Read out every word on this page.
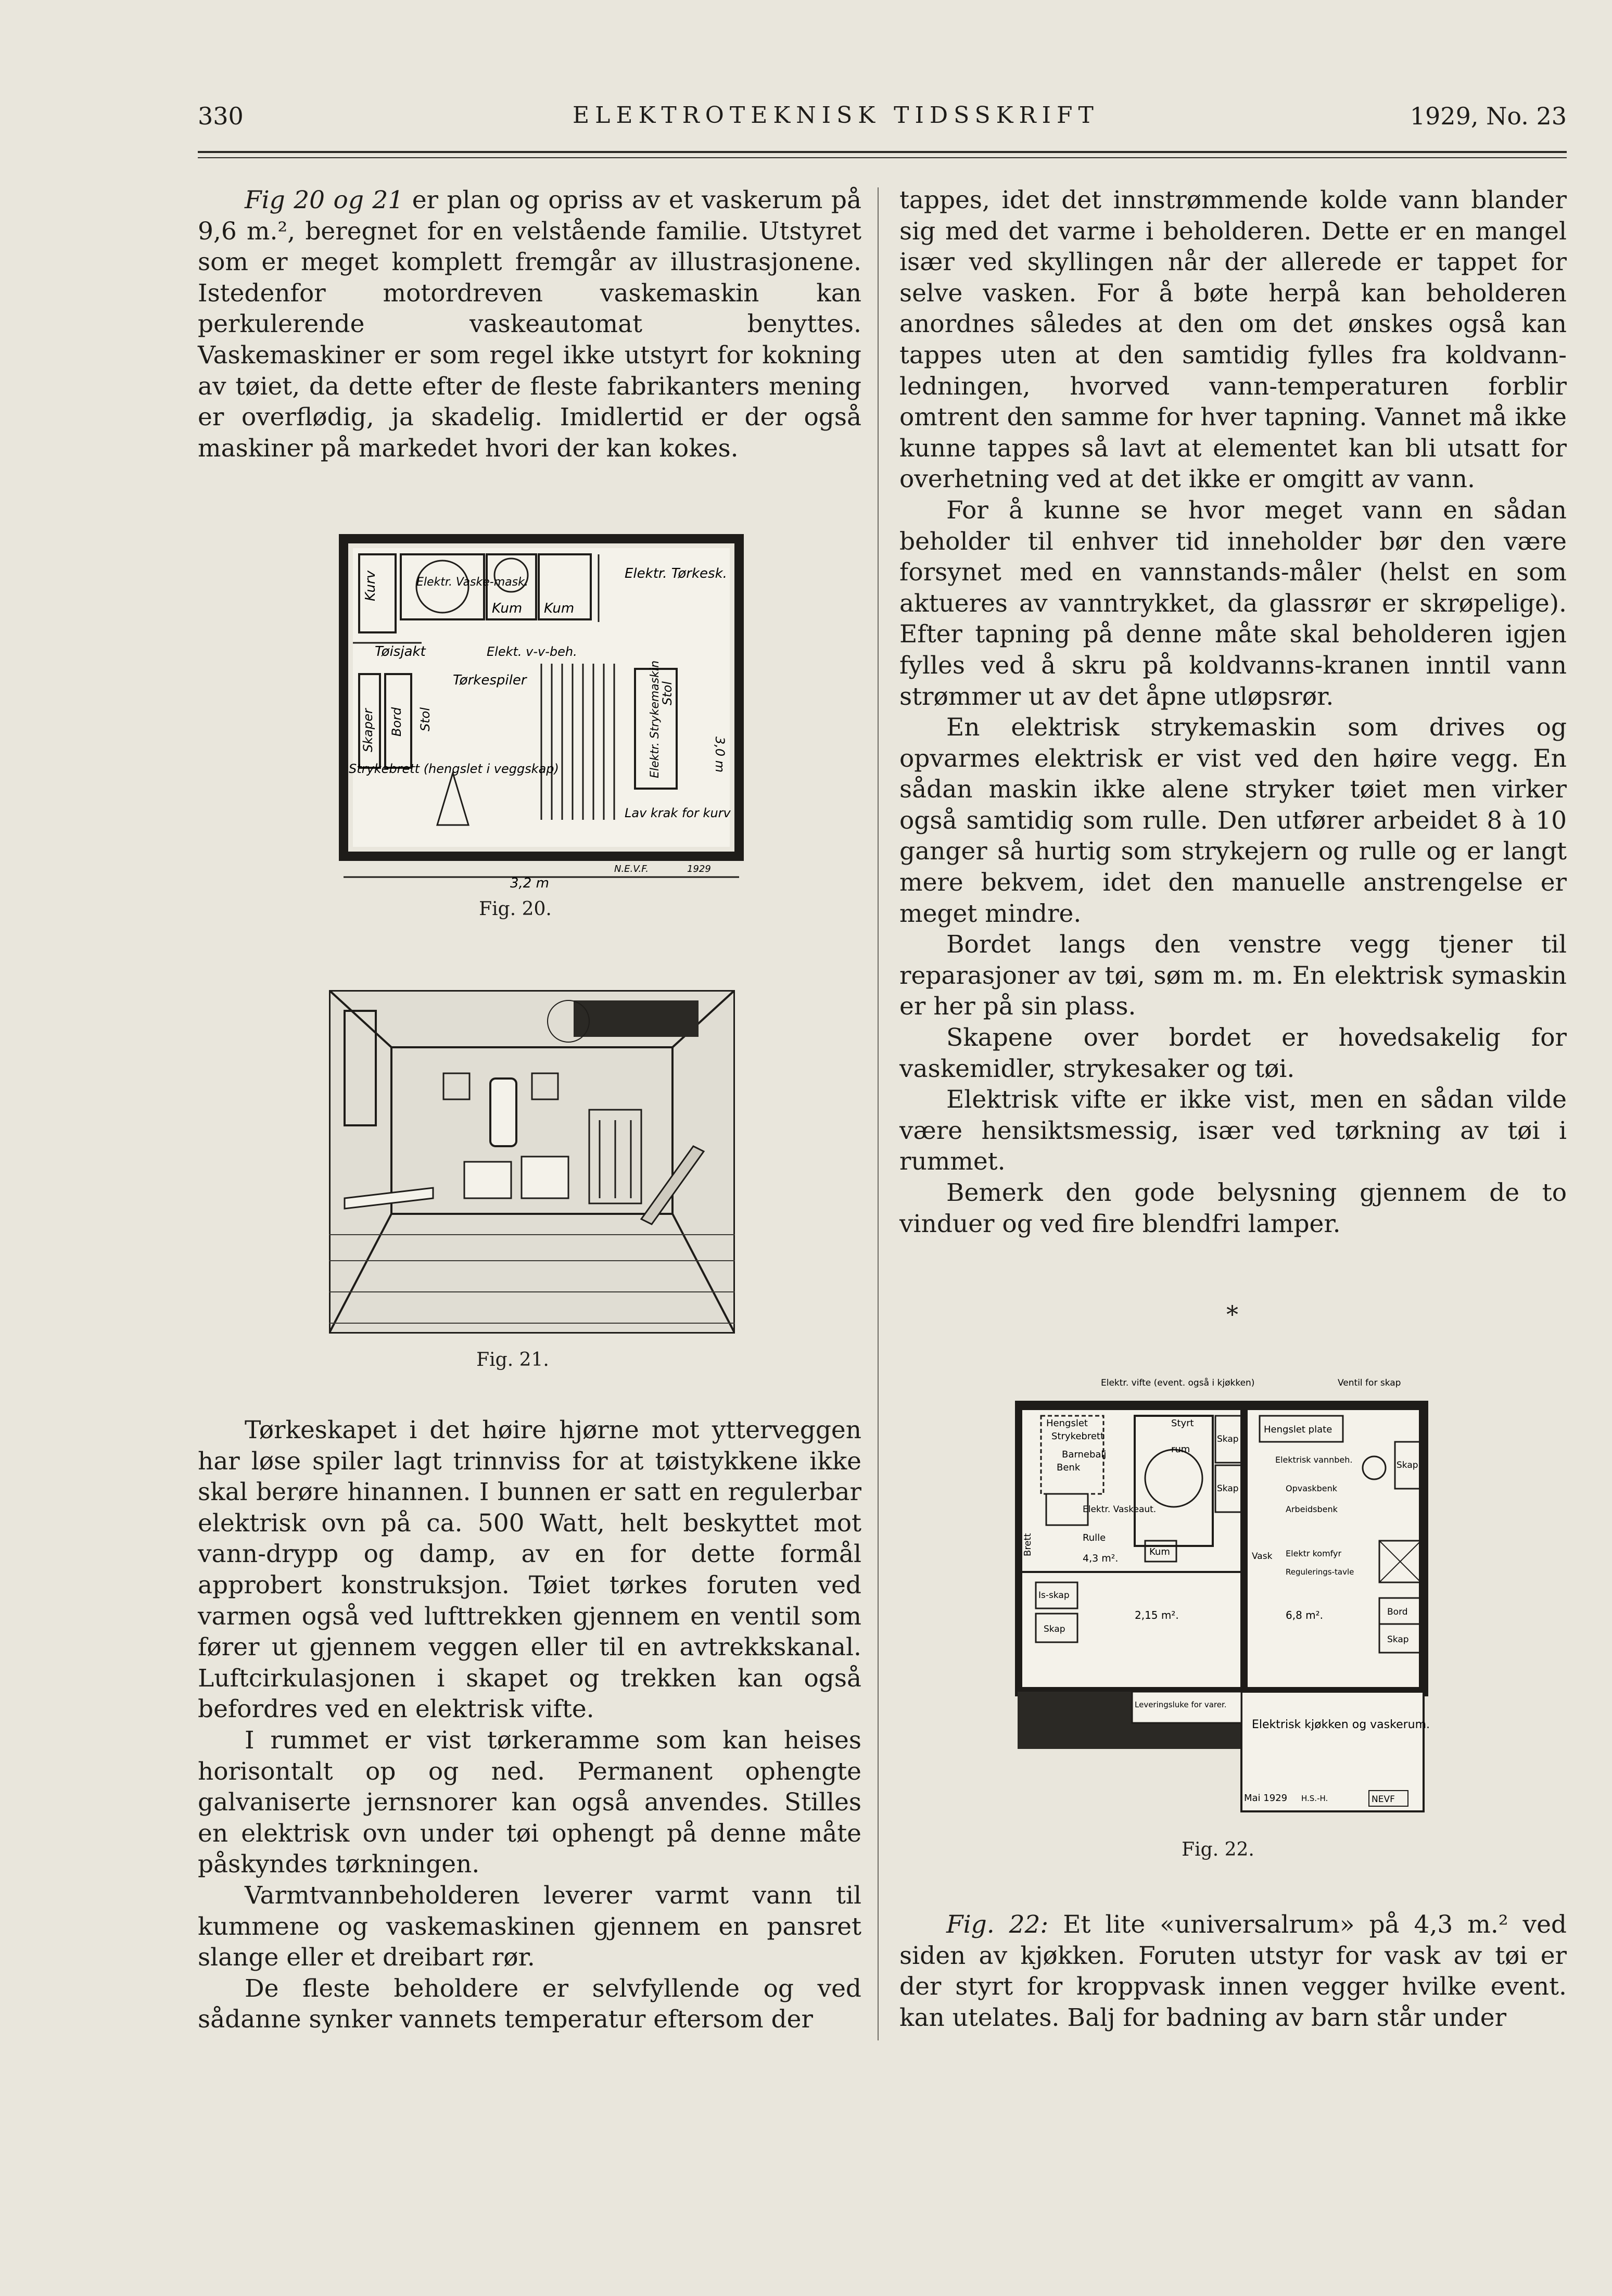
330	ELEKTROTEKNISK TIDSSKRIFT	1929, No. 23

Fig 20 og 21 er plan og opriss av et vaskerum på 9,6 m.², beregnet for en velstående familie. Utstyret som er meget komplett fremgår av illustrasjonene. Istedenfor motordreven vaskemaskin kan perkulerende vaskeautomat benyttes. Vaskemaskiner er som regel ikke utstyrt for kokning av tøiet, da dette efter de fleste fabrikanters mening er overflødig, ja skadelig. Imidlertid er der også maskiner på markedet hvori der kan kokes.

Kurv	Elektr. Vaske-mask.
Kum Kum
Elektr. Tørkesk.
Tøisjakt	Elekt. v-v-beh.
Tørkespiler
Skaper Bord Stol
Stol
Elektr. Strykemaskin	3,0 m
Strykebrett (hengslet i veggskap)
Lav krak for kurv
3,2 m
N.E.V.F.	1929
Fig. 20.
Fig. 21.

Tørkeskapet i det høire hjørne mot ytterveggen har løse spiler lagt trinnviss for at tøistykkene ikke skal berøre hinannen. I bunnen er satt en regulerbar elektrisk ovn på ca. 500 Watt, helt beskyttet mot vann-drypp og damp, av en for dette formål approbert konstruksjon. Tøiet tørkes foruten ved varmen også ved lufttrekken gjennem en ventil som fører ut gjennem veggen eller til en avtrekkskanal. Luftcirkulasjonen i skapet og trekken kan også befordres ved en elektrisk vifte.

I rummet er vist tørkeramme som kan heises horisontalt op og ned. Permanent ophengte galvaniserte jernsnorer kan også anvendes. Stilles en elektrisk ovn under tøi ophengt på denne måte påskyndes tørkningen.

Varmtvannbeholderen leverer varmt vann til kummene og vaskemaskinen gjennem en pansret slange eller et dreibart rør.

De fleste beholdere er selvfyllende og ved sådanne synker vannets temperatur eftersom der

tappes, idet det innstrømmende kolde vann blander sig med det varme i beholderen. Dette er en mangel især ved skyllingen når der allerede er tappet for selve vasken. For å bøte herpå kan beholderen anordnes således at den om det ønskes også kan tappes uten at den samtidig fylles fra koldvann-ledningen, hvorved vann-temperaturen forblir omtrent den samme for hver tapning. Vannet må ikke kunne tappes så lavt at elementet kan bli utsatt for overhetning ved at det ikke er omgitt av vann.

For å kunne se hvor meget vann en sådan beholder til enhver tid inneholder bør den være forsynet med en vannstands-måler (helst en som aktueres av vanntrykket, da glassrør er skrøpelige). Efter tapning på denne måte skal beholderen igjen fylles ved å skru på koldvanns-kranen inntil vann strømmer ut av det åpne utløpsrør.

En elektrisk strykemaskin som drives og opvarmes elektrisk er vist ved den høire vegg. En sådan maskin ikke alene stryker tøiet men virker også samtidig som rulle. Den utfører arbeidet 8 à 10 ganger så hurtig som strykejern og rulle og er langt mere bekvem, idet den manuelle anstrengelse er meget mindre.

Bordet langs den venstre vegg tjener til reparasjoner av tøi, søm m. m. En elektrisk symaskin er her på sin plass.

Skapene over bordet er hovedsakelig for vaskemidler, strykesaker og tøi.

Elektrisk vifte er ikke vist, men en sådan vilde være hensiktsmessig, især ved tørkning av tøi i rummet.

Bemerk den gode belysning gjennem de to vinduer og ved fire blendfri lamper.

*
Elektr. vifte (event. også i kjøkken)	Ventil for skap
Hengslet
Strykebrett
Barnebalj
Benk
Elektr. Vaskeaut.
Rulle
4,3 m².
Styrt
rum
Kum
Skap
Skap
Vask
Hengslet plate
Elektrisk vannbeh.
Skap
Opvaskbenk
Arbeidsbenk
Elektr komfyr
Regulerings-tavle
Brett
Is-skap
Skap
2,15 m².	6,8 m².	Bord
Skap
Leveringsluke for varer.
Elektrisk kjøkken og vaskerum.
Mai 1929 H.S.-H.	NEVF
Fig. 22.

Fig. 22: Et lite «universalrum» på 4,3 m.² ved siden av kjøkken. Foruten utstyr for vask av tøi er der styrt for kroppvask innen vegger hvilke event. kan utelates. Balj for badning av barn står under
